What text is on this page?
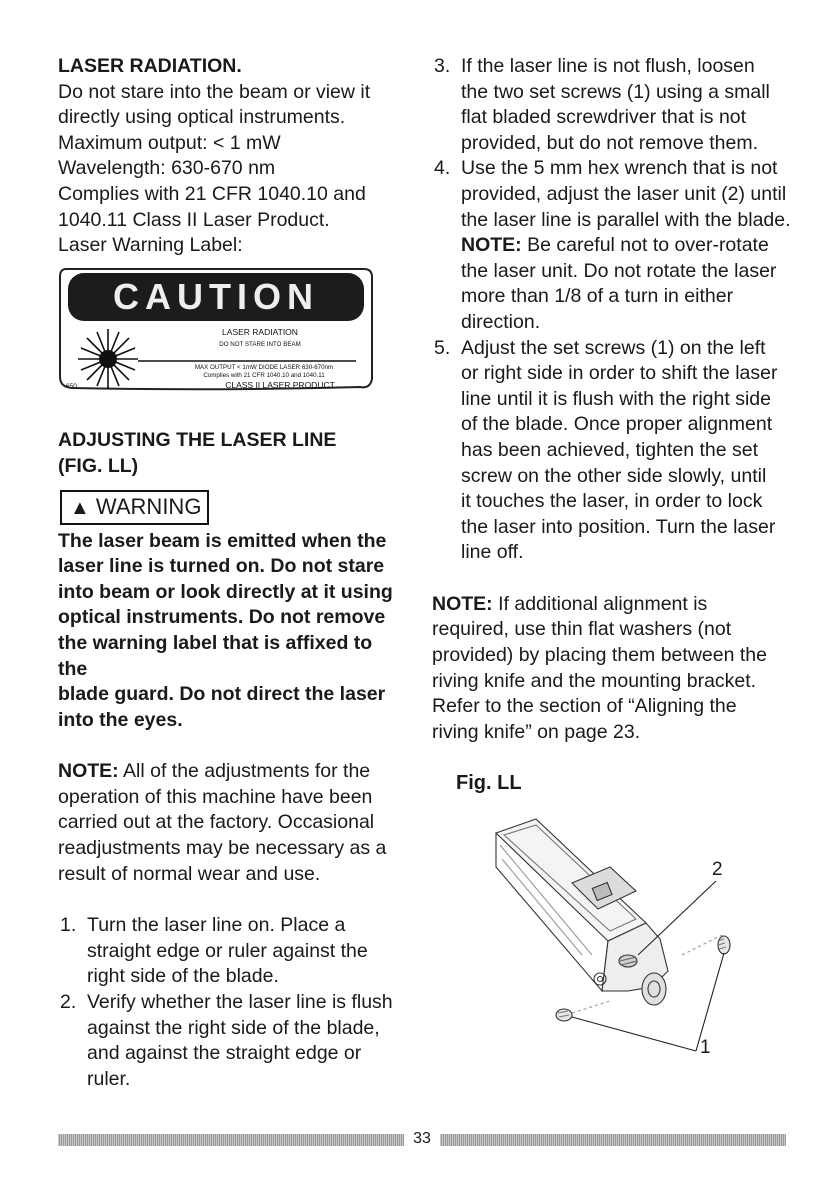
LASER RADIATION.

Do not stare into the beam or view it

directly using optical instruments.

Maximum output: < 1 mW

Wavelength: 630-670 nm

Complies with 21 CFR 1040.10 and

1040.11 Class II Laser Product.

Laser Warning Label:

CAUTION
LASER RADIATION
DO NOT STARE INTO BEAM
MAX OUTPUT < 1mW DIODE LASER 630-670nm
Complies with 21 CFR 1040.10 and 1040.11
CLASS II LASER PRODUCT
650

ADJUSTING THE LASER LINE

(FIG. LL)

▲ WARNING

The laser beam is emitted when the

laser line is turned on. Do not stare

into beam or look directly at it using

optical instruments. Do not remove

the warning label that is affixed to the

blade guard. Do not direct the laser

into the eyes.

NOTE: All of the adjustments for the

operation of this machine have been

carried out at the factory. Occasional

readjustments may be necessary as a

result of normal wear and use.

1. Turn the laser line on. Place a
straight edge or ruler against the
right side of the blade.
2. Verify whether the laser line is flush
against the right side of the blade,
and against the straight edge or
ruler.
3. If the laser line is not flush, loosen
the two set screws (1) using a small
flat bladed screwdriver that is not
provided, but do not remove them.
4. Use the 5 mm hex wrench that is not
provided, adjust the laser unit (2) until
the laser line is parallel with the blade.
NOTE: Be careful not to over-rotate
the laser unit. Do not rotate the laser
more than 1/8 of a turn in either
direction.
5. Adjust the set screws (1) on the left
or right side in order to shift the laser
line until it is flush with the right side
of the blade. Once proper alignment
has been achieved, tighten the set
screw on the other side slowly, until
it touches the laser, in order to lock
the laser into position. Turn the laser
line off.

NOTE: If additional alignment is

required, use thin flat washers (not

provided) by placing them between the

riving knife and the mounting bracket.

Refer to the section of “Aligning the

riving knife” on page 23.

Fig. LL

2
1
33
